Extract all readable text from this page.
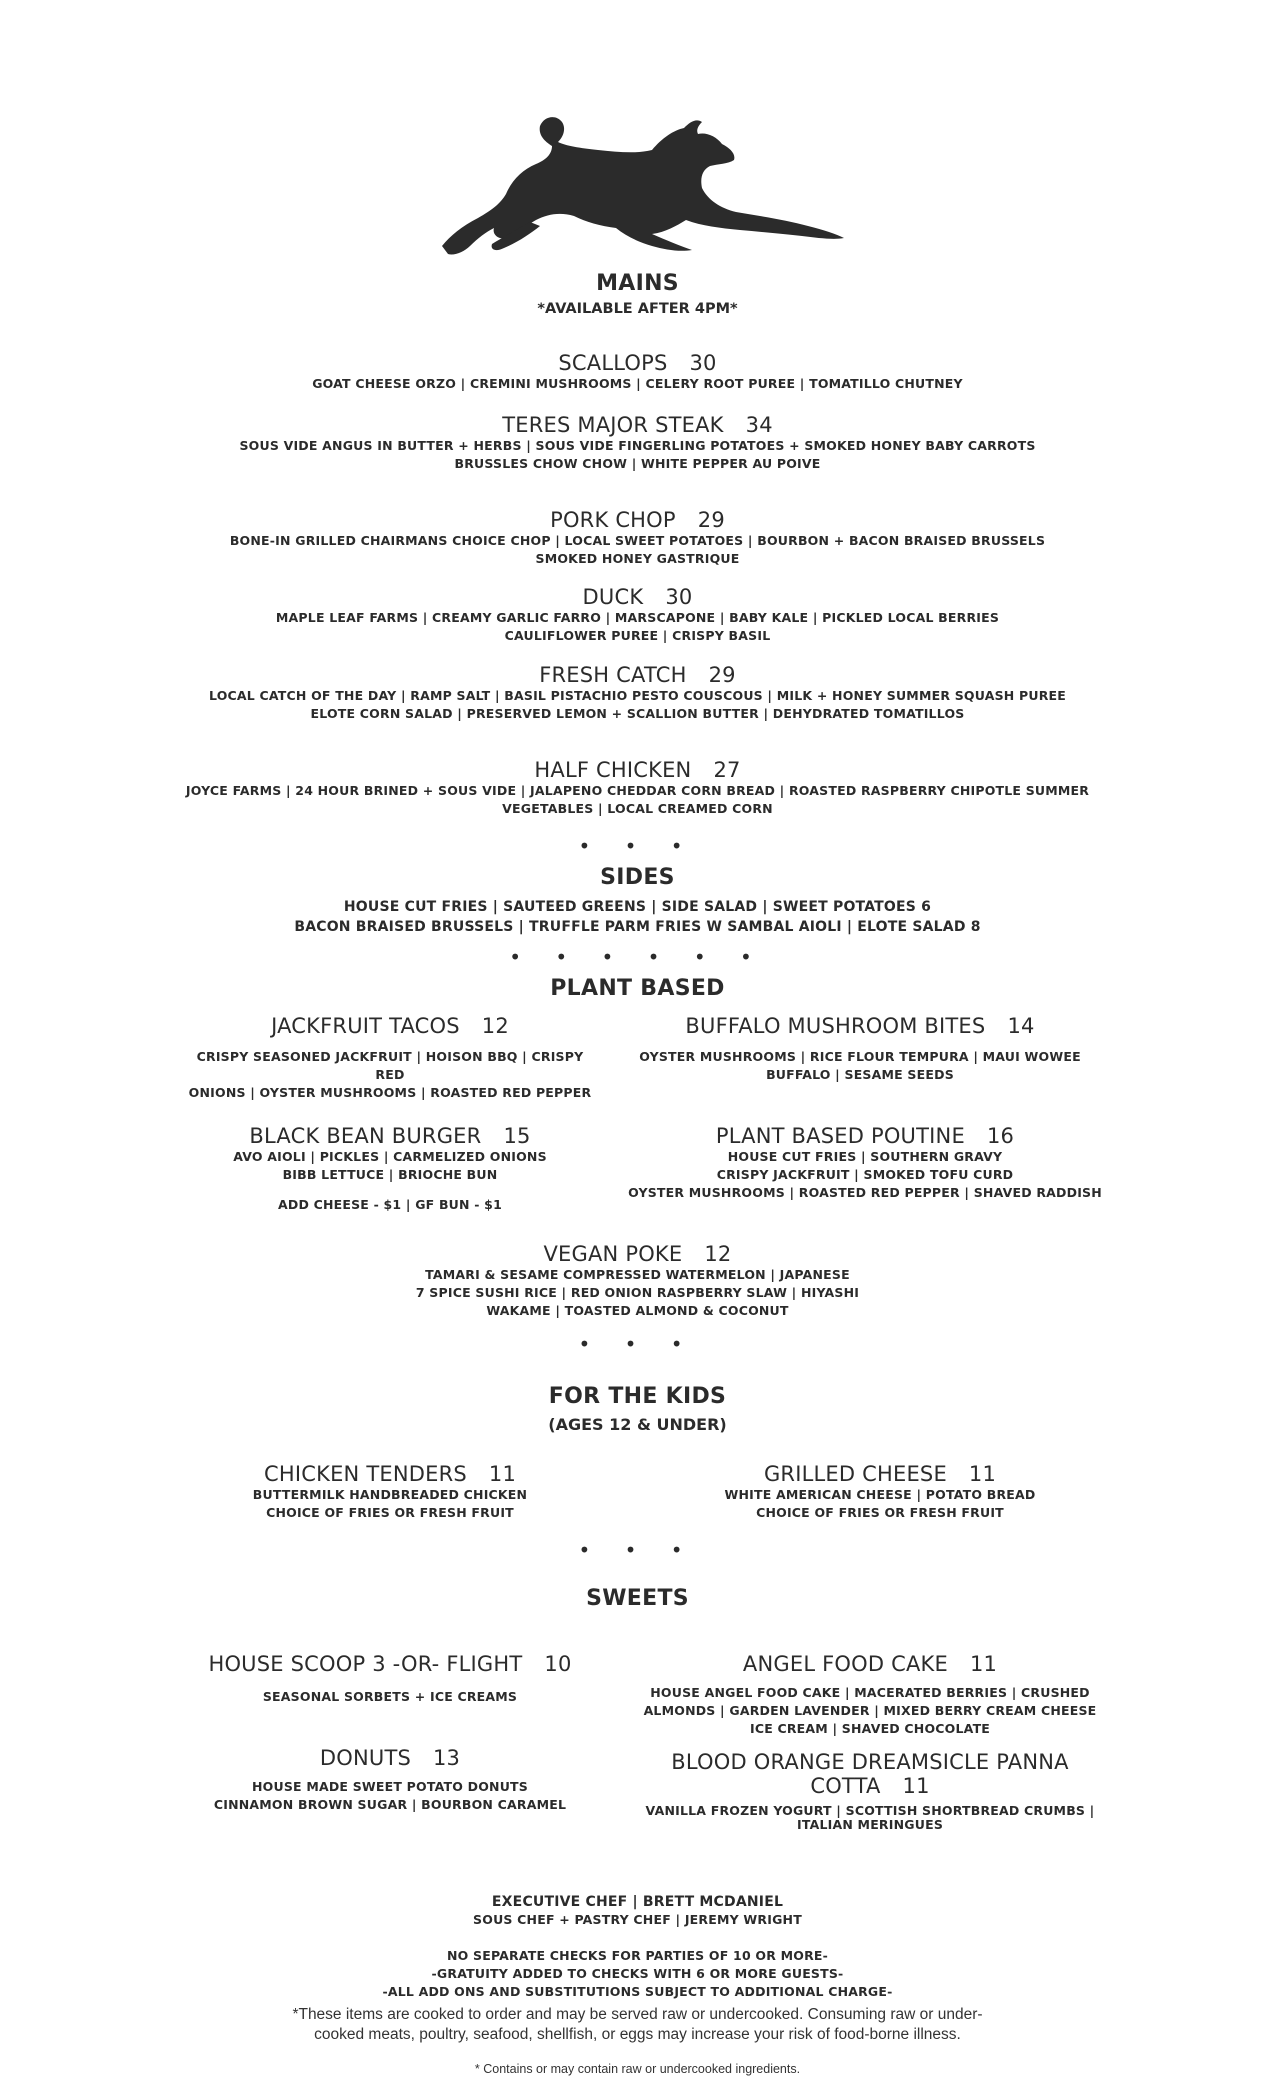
MAINS
*AVAILABLE AFTER 4PM*
SCALLOPS 30
GOAT CHEESE ORZO | CREMINI MUSHROOMS | CELERY ROOT PUREE | TOMATILLO CHUTNEY
TERES MAJOR STEAK 34
SOUS VIDE ANGUS IN BUTTER + HERBS | SOUS VIDE FINGERLING POTATOES + SMOKED HONEY BABY CARROTS
BRUSSLES CHOW CHOW | WHITE PEPPER AU POIVE
PORK CHOP 29
BONE-IN GRILLED CHAIRMANS CHOICE CHOP | LOCAL SWEET POTATOES | BOURBON + BACON BRAISED BRUSSELS
SMOKED HONEY GASTRIQUE
DUCK 30
MAPLE LEAF FARMS | CREAMY GARLIC FARRO | MARSCAPONE | BABY KALE | PICKLED LOCAL BERRIES
CAULIFLOWER PUREE | CRISPY BASIL
FRESH CATCH 29
LOCAL CATCH OF THE DAY | RAMP SALT | BASIL PISTACHIO PESTO COUSCOUS | MILK + HONEY SUMMER SQUASH PUREE
ELOTE CORN SALAD | PRESERVED LEMON + SCALLION BUTTER | DEHYDRATED TOMATILLOS
HALF CHICKEN 27
JOYCE FARMS | 24 HOUR BRINED + SOUS VIDE | JALAPENO CHEDDAR CORN BREAD | ROASTED RASPBERRY CHIPOTLE SUMMER
VEGETABLES | LOCAL CREAMED CORN
• • •
SIDES
HOUSE CUT FRIES | SAUTEED GREENS | SIDE SALAD | SWEET POTATOES 6
BACON BRAISED BRUSSELS | TRUFFLE PARM FRIES W SAMBAL AIOLI | ELOTE SALAD 8
• • • • • •
PLANT BASED
JACKFRUIT TACOS 12
CRISPY SEASONED JACKFRUIT | HOISON BBQ | CRISPY RED
ONIONS | OYSTER MUSHROOMS | ROASTED RED PEPPER
BUFFALO MUSHROOM BITES 14
OYSTER MUSHROOMS | RICE FLOUR TEMPURA | MAUI WOWEE
BUFFALO | SESAME SEEDS
BLACK BEAN BURGER 15
AVO AIOLI | PICKLES | CARMELIZED ONIONS
BIBB LETTUCE | BRIOCHE BUN
ADD CHEESE - $1 | GF BUN - $1
PLANT BASED POUTINE 16
HOUSE CUT FRIES | SOUTHERN GRAVY
CRISPY JACKFRUIT | SMOKED TOFU CURD
OYSTER MUSHROOMS | ROASTED RED PEPPER | SHAVED RADDISH
VEGAN POKE 12
TAMARI & SESAME COMPRESSED WATERMELON | JAPANESE
7 SPICE SUSHI RICE | RED ONION RASPBERRY SLAW | HIYASHI
WAKAME | TOASTED ALMOND & COCONUT
• • •
FOR THE KIDS
(AGES 12 & UNDER)
CHICKEN TENDERS 11
BUTTERMILK HANDBREADED CHICKEN
CHOICE OF FRIES OR FRESH FRUIT
GRILLED CHEESE 11
WHITE AMERICAN CHEESE | POTATO BREAD
CHOICE OF FRIES OR FRESH FRUIT
• • •
SWEETS
HOUSE SCOOP 3 -OR- FLIGHT 10
SEASONAL SORBETS + ICE CREAMS
ANGEL FOOD CAKE 11
HOUSE ANGEL FOOD CAKE | MACERATED BERRIES | CRUSHED
ALMONDS | GARDEN LAVENDER | MIXED BERRY CREAM CHEESE
ICE CREAM | SHAVED CHOCOLATE
DONUTS 13
HOUSE MADE SWEET POTATO DONUTS
CINNAMON BROWN SUGAR | BOURBON CARAMEL
BLOOD ORANGE DREAMSICLE PANNA COTTA 11
VANILLA FROZEN YOGURT | SCOTTISH SHORTBREAD CRUMBS |
ITALIAN MERINGUES
EXECUTIVE CHEF | BRETT MCDANIEL
SOUS CHEF + PASTRY CHEF | JEREMY WRIGHT
NO SEPARATE CHECKS FOR PARTIES OF 10 OR MORE-
-GRATUITY ADDED TO CHECKS WITH 6 OR MORE GUESTS-
-ALL ADD ONS AND SUBSTITUTIONS SUBJECT TO ADDITIONAL CHARGE-
*These items are cooked to order and may be served raw or undercooked. Consuming raw or under-
cooked meats, poultry, seafood, shellfish, or eggs may increase your risk of food-borne illness.
* Contains or may contain raw or undercooked ingredients.
